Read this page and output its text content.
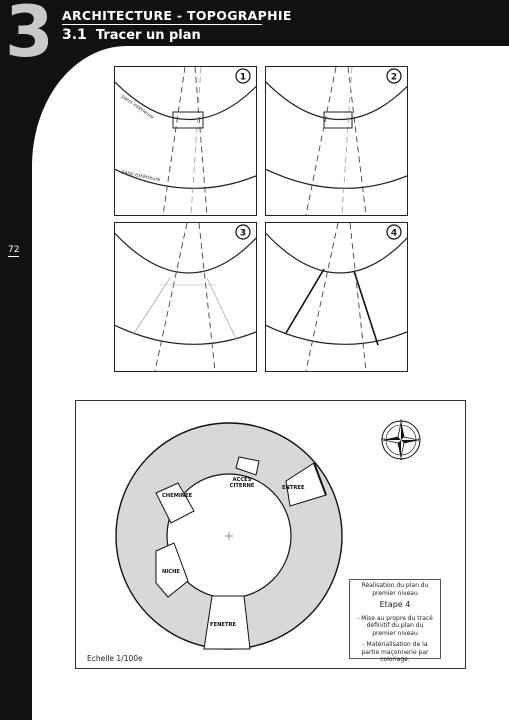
3 ARCHITECTURE - TOPOGRAPHIE
3.1 Tracer un plan
72
paroi intérieure
paroi extérieure
1	2
3	4
N
E
S
W
ACCES CITERNE	ENTREE
CHEMINEE
NICHE
FENETRE

Réalisation du plan du premier niveau

Etape 4

- Mise au propre du tracé définitif du plan du premier niveau

- Matérialisation de la partie maçonnerie par coloriage.

Echelle 1/100e
